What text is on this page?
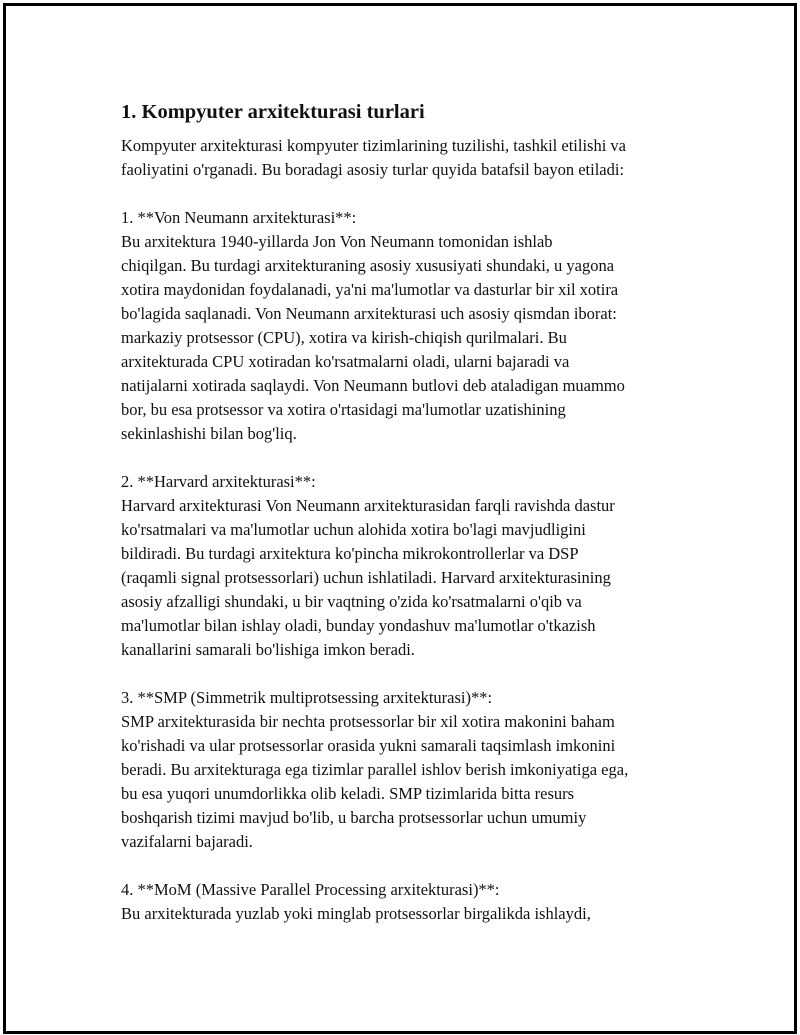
1. Kompyuter arxitekturasi turlari

Kompyuter arxitekturasi kompyuter tizimlarining tuzilishi, tashkil etilishi va
faoliyatini o'rganadi. Bu boradagi asosiy turlar quyida batafsil bayon etiladi:

1. **Von Neumann arxitekturasi**:
Bu arxitektura 1940-yillarda Jon Von Neumann tomonidan ishlab
chiqilgan. Bu turdagi arxitekturaning asosiy xususiyati shundaki, u yagona
xotira maydonidan foydalanadi, ya'ni ma'lumotlar va dasturlar bir xil xotira
bo'lagida saqlanadi. Von Neumann arxitekturasi uch asosiy qismdan iborat:
markaziy protsessor (CPU), xotira va kirish-chiqish qurilmalari. Bu
arxitekturada CPU xotiradan ko'rsatmalarni oladi, ularni bajaradi va
natijalarni xotirada saqlaydi. Von Neumann butlovi deb ataladigan muammo
bor, bu esa protsessor va xotira o'rtasidagi ma'lumotlar uzatishining
sekinlashishi bilan bog'liq.
2. **Harvard arxitekturasi**:
Harvard arxitekturasi Von Neumann arxitekturasidan farqli ravishda dastur
ko'rsatmalari va ma'lumotlar uchun alohida xotira bo'lagi mavjudligini
bildiradi. Bu turdagi arxitektura ko'pincha mikrokontrollerlar va DSP
(raqamli signal protsessorlari) uchun ishlatiladi. Harvard arxitekturasining
asosiy afzalligi shundaki, u bir vaqtning o'zida ko'rsatmalarni o'qib va
ma'lumotlar bilan ishlay oladi, bunday yondashuv ma'lumotlar o'tkazish
kanallarini samarali bo'lishiga imkon beradi.
3. **SMP (Simmetrik multiprotsessing arxitekturasi)**:
SMP arxitekturasida bir nechta protsessorlar bir xil xotira makonini baham
ko'rishadi va ular protsessorlar orasida yukni samarali taqsimlash imkonini
beradi. Bu arxitekturaga ega tizimlar parallel ishlov berish imkoniyatiga ega,
bu esa yuqori unumdorlikka olib keladi. SMP tizimlarida bitta resurs
boshqarish tizimi mavjud bo'lib, u barcha protsessorlar uchun umumiy
vazifalarni bajaradi.
4. **MoM (Massive Parallel Processing arxitekturasi)**:
Bu arxitekturada yuzlab yoki minglab protsessorlar birgalikda ishlaydi,
